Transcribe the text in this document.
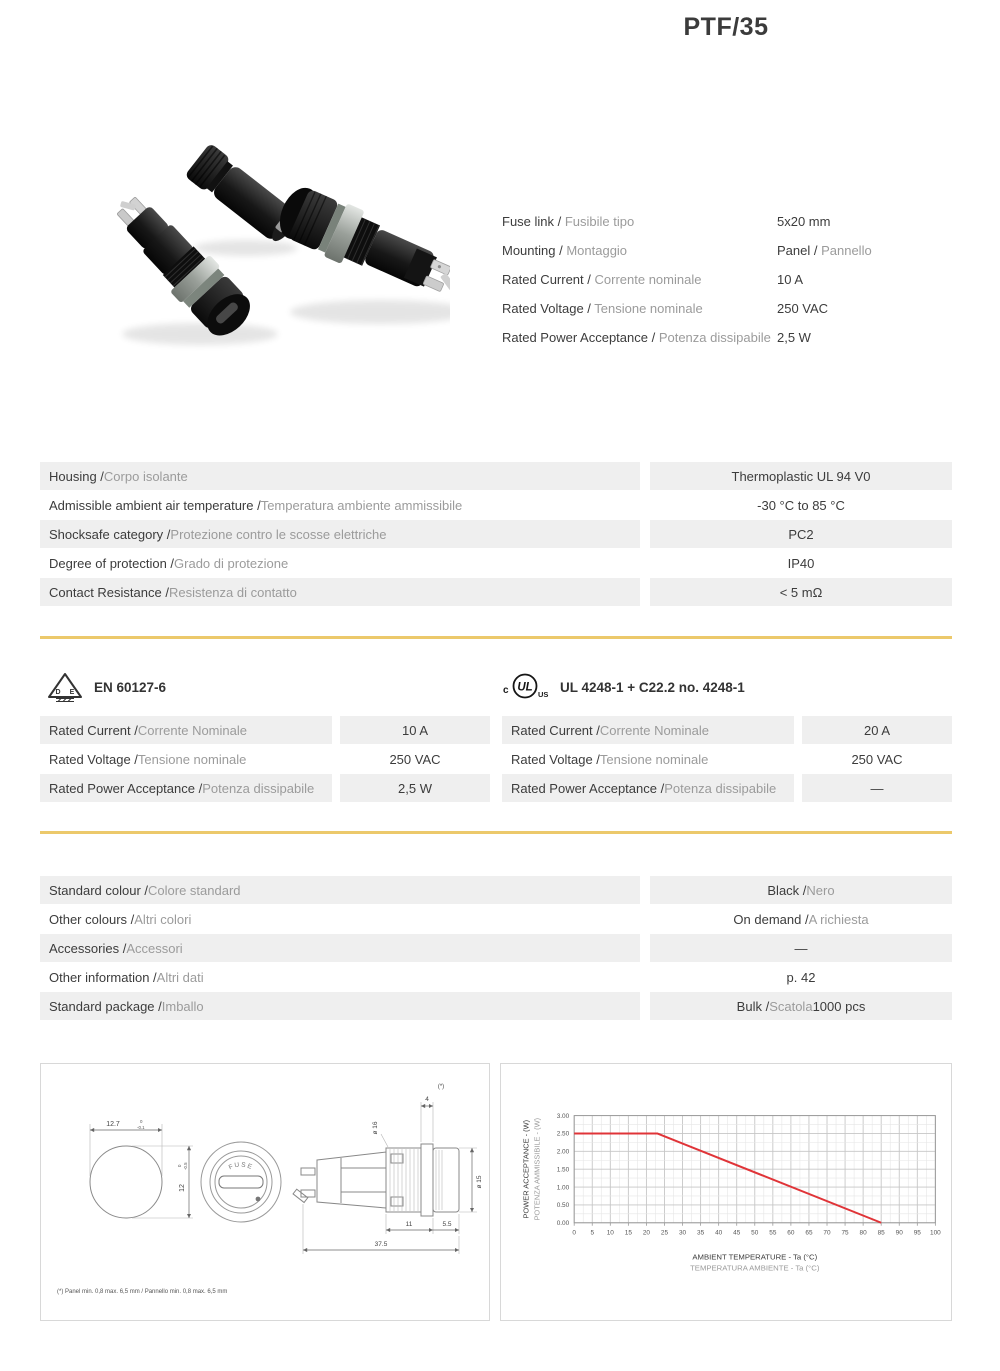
PTF/35
Fuse link / Fusibile tipo	5x20 mm
Mounting / Montaggio	Panel / Pannello
Rated Current / Corrente nominale	10 A
Rated Voltage / Tensione nominale	250 VAC
Rated Power Acceptance / Potenza dissipabile 2,5 W
Housing / Corpo isolante	Thermoplastic UL 94 V0
Admissible ambient air temperature / Temperatura ambiente ammissibile	-30 °C to 85 °C
Shocksafe category / Protezione contro le scosse elettriche	PC2
Degree of protection / Grado di protezione	IP40
Contact Resistance / Resistenza di contatto	< 5 mΩ
D E EN 60127-6	c UL
US UL 4248-1 + C22.2 no. 4248-1
Rated Current / Corrente Nominale	10 A
Rated Voltage / Tensione nominale	250 VAC
Rated Power Acceptance / Potenza dissipabile	2,5 W
Rated Current / Corrente Nominale	20 A
Rated Voltage / Tensione nominale	250 VAC
Rated Power Acceptance / Potenza dissipabile	—
Standard colour / Colore standard	Black / Nero
Other colours / Altri colori	On demand / A richiesta
Accessories / Accessori	—
Other information / Altri dati	p. 42
Standard package / Imballo	Bulk / Scatola 1000 pcs
12.7	0
-0.1
12
0 -0.5	FUSE
ø 16
4
(*)
ø 15
11	5.5
37.5
(*) Panel min. 0,8 max. 6,5 mm / Pannello min. 0,8 max. 6,5 mm
0 5 10 15 20 25 30 35 40 45 50 55 60 65 70 75 80 85 90 95 100
0.00
0.50
1.00
1.50
2.00
2.50
3.00
POWER ACCEPTANCE - (W) POTENZA AMMISSIBILE - (W)
AMBIENT TEMPERATURE - Ta (°C)
TEMPERATURA AMBIENTE - Ta (°C)
